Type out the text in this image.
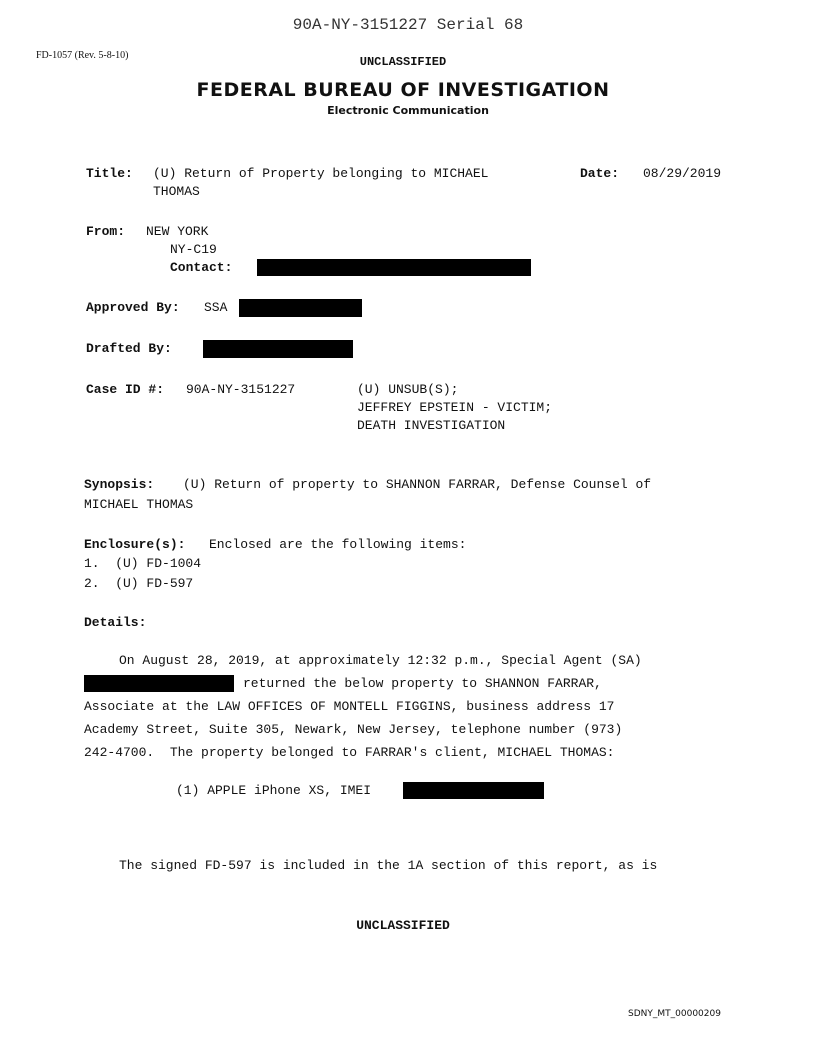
90A-NY-3151227 Serial 68
FD-1057 (Rev. 5-8-10)	UNCLASSIFIED
FEDERAL BUREAU OF INVESTIGATION
Electronic Communication
Title: (U) Return of Property belonging to MICHAEL
THOMAS
Date: 08/29/2019
From: NEW YORK
NY-C19
Contact:
Approved By: SSA
Drafted By:
Case ID #: 90A-NY-3151227	(U) UNSUB(S);
JEFFREY EPSTEIN - VICTIM;
DEATH INVESTIGATION
Synopsis: (U) Return of property to SHANNON FARRAR, Defense Counsel of
MICHAEL THOMAS
Enclosure(s): Enclosed are the following items:
1.  (U) FD-1004
2.  (U) FD-597
Details:
On August 28, 2019, at approximately 12:32 p.m., Special Agent (SA)
returned the below property to SHANNON FARRAR,
Associate at the LAW OFFICES OF MONTELL FIGGINS, business address 17
Academy Street, Suite 305, Newark, New Jersey, telephone number (973)
242-4700.  The property belonged to FARRAR's client, MICHAEL THOMAS:
(1) APPLE iPhone XS, IMEI
The signed FD-597 is included in the 1A section of this report, as is
UNCLASSIFIED
SDNY_MT_00000209
